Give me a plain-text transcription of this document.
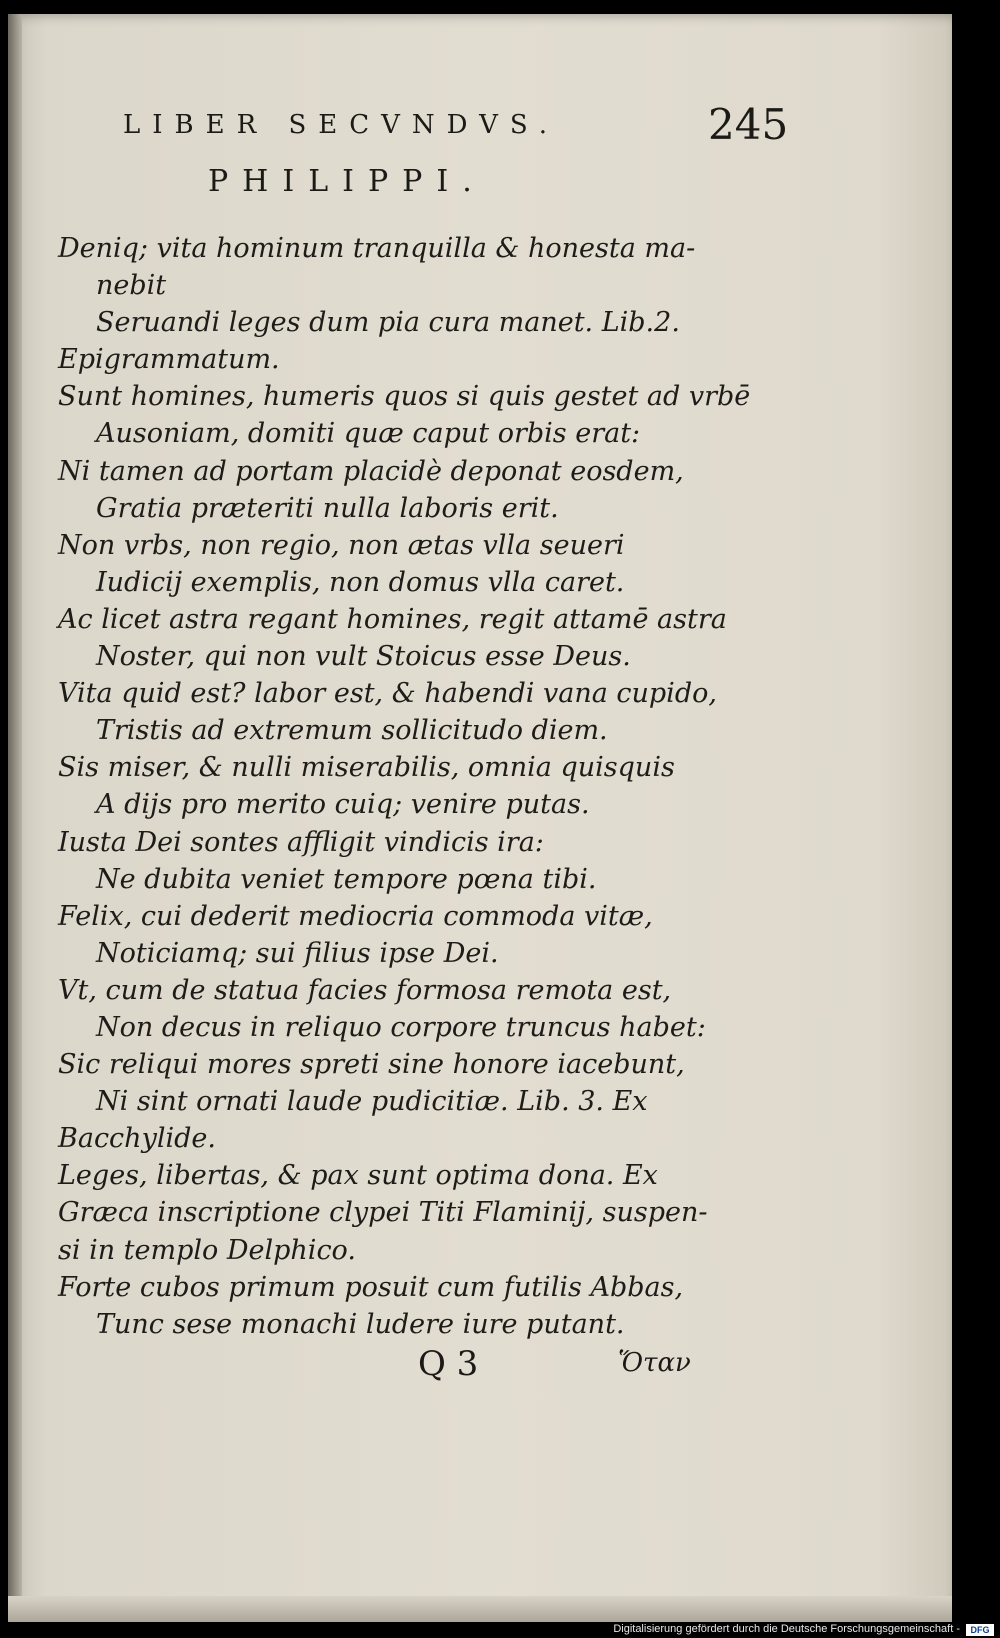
LIBER SECVNDVS.	245
PHILIPPI.
Deniq; vita hominum tranquilla & honesta ma-
nebit
Seruandi leges dum pia cura manet. Lib.2.
Epigrammatum.
Sunt homines, humeris quos si quis gestet ad vrbē
Ausoniam, domiti quæ caput orbis erat:
Ni tamen ad portam placidè deponat eosdem,
Gratia præteriti nulla laboris erit.
Non vrbs, non regio, non ætas vlla seueri
Iudicij exemplis, non domus vlla caret.
Ac licet astra regant homines, regit attamē astra
Noster, qui non vult Stoicus esse Deus.
Vita quid est? labor est, & habendi vana cupido,
Tristis ad extremum sollicitudo diem.
Sis miser, & nulli miserabilis, omnia quisquis
A dijs pro merito cuiq; venire putas.
Iusta Dei sontes affligit vindicis ira:
Ne dubita veniet tempore pœna tibi.
Felix, cui dederit mediocria commoda vitæ,
Noticiamq; sui filius ipse Dei.
Vt, cum de statua facies formosa remota est,
Non decus in reliquo corpore truncus habet:
Sic reliqui mores spreti sine honore iacebunt,
Ni sint ornati laude pudicitiæ. Lib. 3. Ex
Bacchylide.
Leges, libertas, & pax sunt optima dona. Ex
Græca inscriptione clypei Titi Flaminij, suspen-
si in templo Delphico.
Forte cubos primum posuit cum futilis Abbas,
Tunc sese monachi ludere iure putant.
Q 3	Ὅταν
Digitalisierung gefördert durch die Deutsche Forschungsgemeinschaft -	DFG
